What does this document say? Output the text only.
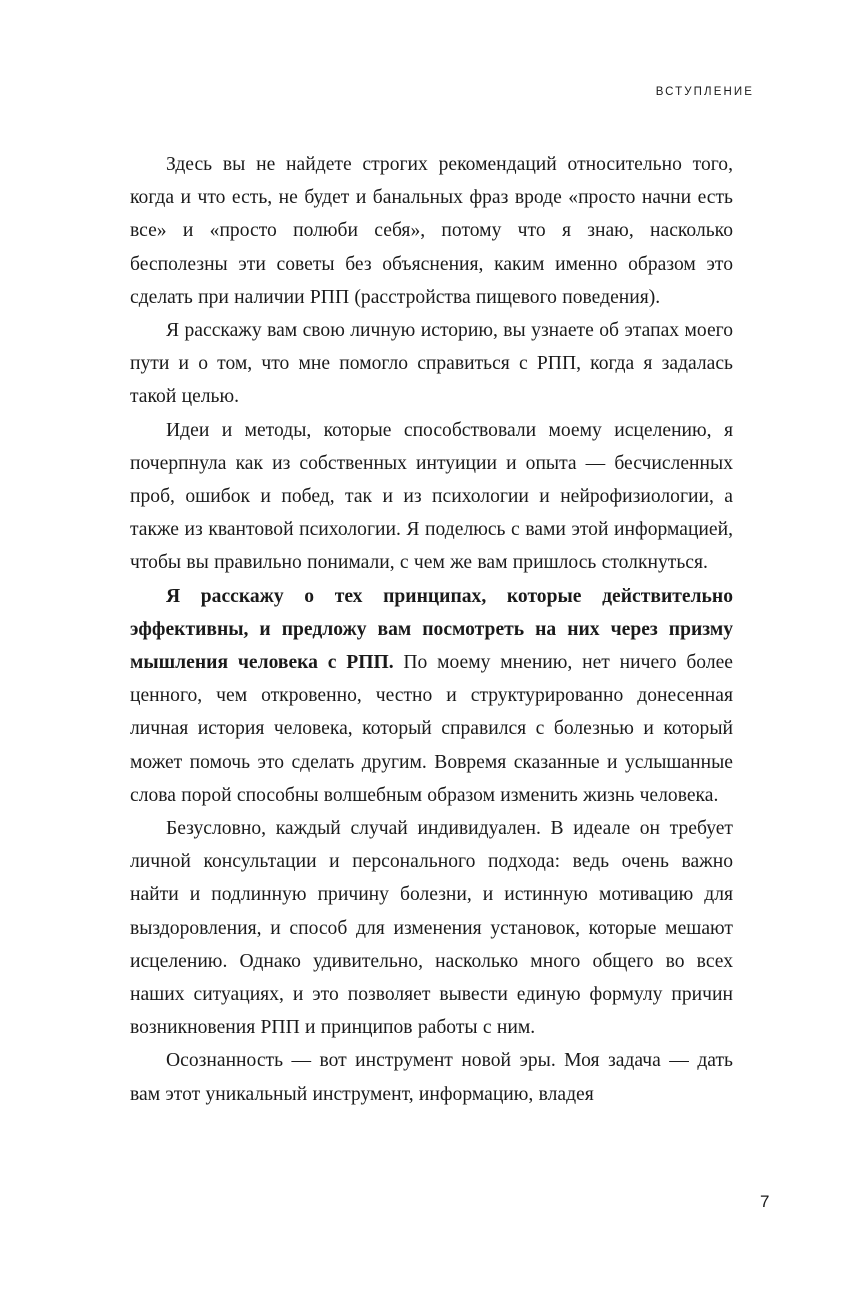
ВСТУПЛЕНИЕ

Здесь вы не найдете строгих рекомендаций относительно того, когда и что есть, не будет и банальных фраз вроде «просто начни есть все» и «просто полюби себя», потому что я знаю, насколько бесполезны эти советы без объяснения, каким именно образом это сделать при наличии РПП (расстройства пищевого поведения).

Я расскажу вам свою личную историю, вы узнаете об этапах моего пути и о том, что мне помогло справиться с РПП, когда я задалась такой целью.

Идеи и методы, которые способствовали моему исцелению, я почерпнула как из собственных интуиции и опыта — бесчисленных проб, ошибок и побед, так и из психологии и нейрофизиологии, а также из квантовой психологии. Я поделюсь с вами этой информацией, чтобы вы правильно понимали, с чем же вам пришлось столкнуться.

Я расскажу о тех принципах, которые действительно эффективны, и предложу вам посмотреть на них через призму мышления человека с РПП. По моему мнению, нет ничего более ценного, чем откровенно, честно и структурированно донесенная личная история человека, который справился с болезнью и который может помочь это сделать другим. Вовремя сказанные и услышанные слова порой способны волшебным образом изменить жизнь человека.

Безусловно, каждый случай индивидуален. В идеале он требует личной консультации и персонального подхода: ведь очень важно найти и подлинную причину болезни, и истинную мотивацию для выздоровления, и способ для изменения установок, которые мешают исцелению. Однако удивительно, насколько много общего во всех наших ситуациях, и это позволяет вывести единую формулу причин возникновения РПП и принципов работы с ним.

Осознанность — вот инструмент новой эры. Моя задача — дать вам этот уникальный инструмент, информацию, владея

7
